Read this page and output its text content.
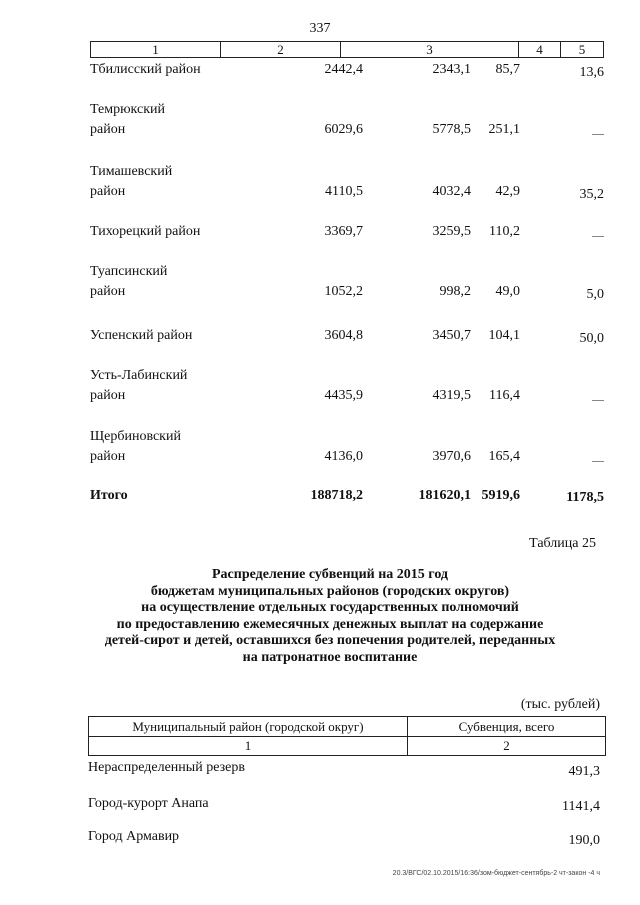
337
1	2	3	4	5
Тбилисский район	2442,4	2343,1 85,7	13,6
Темрюкский
район	6029,6	5778,5 251,1	—
Тимашевский
район	4110,5	4032,4 42,9	35,2
Тихорецкий район	3369,7	3259,5 110,2	—
Туапсинский
район	1052,2	998,2 49,0	5,0
Успенский район	3604,8	3450,7 104,1	50,0
Усть-Лабинский
район	4435,9	4319,5 116,4	—
Щербиновский
район	4136,0	3970,6 165,4	—
Итого	188718,2	181620,1 5919,6	1178,5
Таблица 25
Распределение субвенций на 2015 год
бюджетам муниципальных районов (городских округов)
на осуществление отдельных государственных полномочий
по предоставлению ежемесячных денежных выплат на содержание
детей-сирот и детей, оставшихся без попечения родителей, переданных
на патронатное воспитание
(тыс. рублей)
Муниципальный район (городской округ)	Субвенция, всего
1	2
Нераспределенный резерв	491,3
Город-курорт Анапа	1141,4
Город Армавир	190,0
20.3/ВГС/02.10.2015/16:36/зом-бюджет-сентябрь-2 чт-закон -4 ч
